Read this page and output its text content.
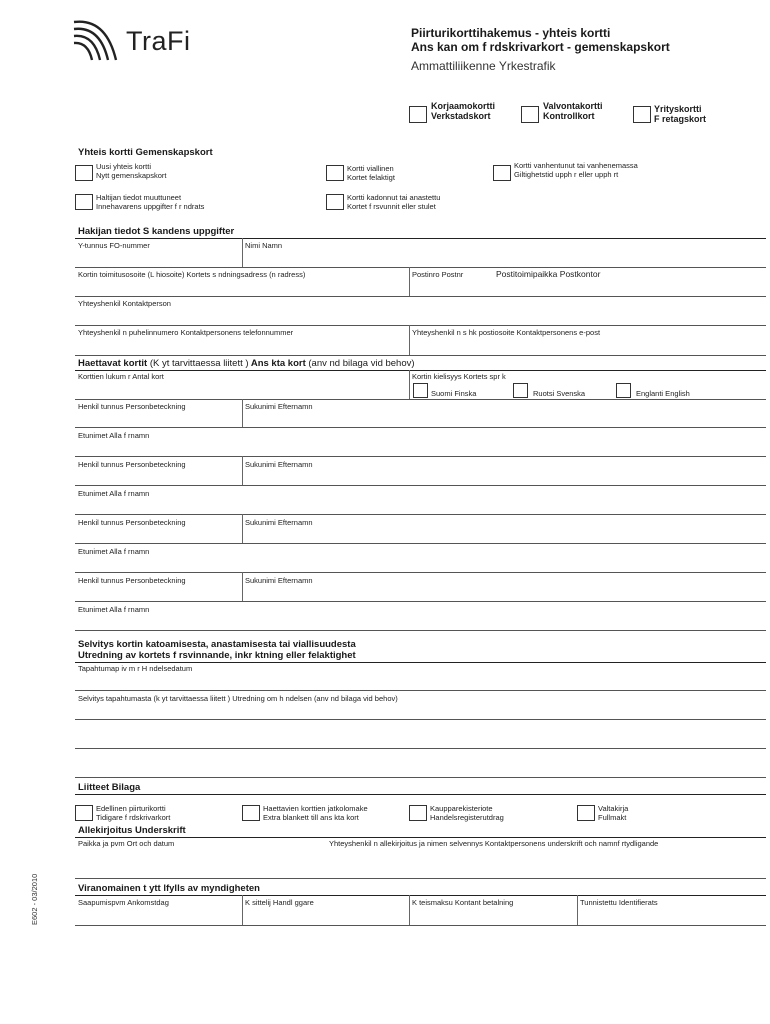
TraFi	Piirturikorttihakemus - yhteis kortti
Ans kan om f rdskrivarkort - gemenskapskort
Ammattiliikenne Yrkestrafik
Korjaamokortti
Verkstadskort
Valvontakortti
Kontrollkort
Yrityskortti
F retagskort
Yhteis kortti Gemenskapskort
Uusi yhteis kortti
Nytt gemenskapskort
Kortti viallinen
Kortet felaktigt
Kortti vanhentunut tai vanhenemassa
Giltighetstid upph r eller upph rt
Haltijan tiedot muuttuneet
Innehavarens uppgifter f r ndrats
Kortti kadonnut tai anastettu
Kortet f rsvunnit eller stulet
Hakijan tiedot S kandens uppgifter
Y-tunnus FO-nummer	Nimi Namn
Kortin toimitusosoite (L hiosoite) Kortets s ndningsadress (n radress)	Postinro Postnr	Postitoimipaikka Postkontor
Yhteyshenkil Kontaktperson
Yhteyshenkil n puhelinnumero Kontaktpersonens telefonnummer	Yhteyshenkil n s hk postiosoite Kontaktpersonens e-post
Haettavat kortit (K yt tarvittaessa liitett ) Ans kta kort (anv nd bilaga vid behov)
Korttien lukum r Antal kort	Kortin kielisyys Kortets spr k
Suomi Finska	Ruotsi Svenska	Englanti English
Henkil tunnus Personbeteckning	Sukunimi Efternamn
Etunimet Alla f rnamn
Henkil tunnus Personbeteckning	Sukunimi Efternamn
Etunimet Alla f rnamn
Henkil tunnus Personbeteckning	Sukunimi Efternamn
Etunimet Alla f rnamn
Henkil tunnus Personbeteckning	Sukunimi Efternamn
Etunimet Alla f rnamn
Selvitys kortin katoamisesta, anastamisesta tai viallisuudesta
Utredning av kortets f rsvinnande, inkr ktning eller felaktighet
Tapahtumap iv m r H ndelsedatum
Selvitys tapahtumasta (k yt tarvittaessa liitett ) Utredning om h ndelsen (anv nd bilaga vid behov)
Liitteet Bilaga
Edellinen piirturikortti
Tidigare f rdskrivarkort
Haettavien korttien jatkolomake
Extra blankett till ans kta kort
Kaupparekisteriote
Handelsregisterutdrag
Valtakirja
Fullmakt
Allekirjoitus Underskrift
Paikka ja pvm Ort och datum	Yhteyshenkil n allekirjoitus ja nimen selvennys Kontaktpersonens underskrift och namnf rtydligande
Viranomainen t ytt lfylls av myndigheten
Saapumispvm Ankomstdag	K sittelij Handl ggare	K teismaksu Kontant betalning	Tunnistettu Identifierats
E602 - 03/2010
